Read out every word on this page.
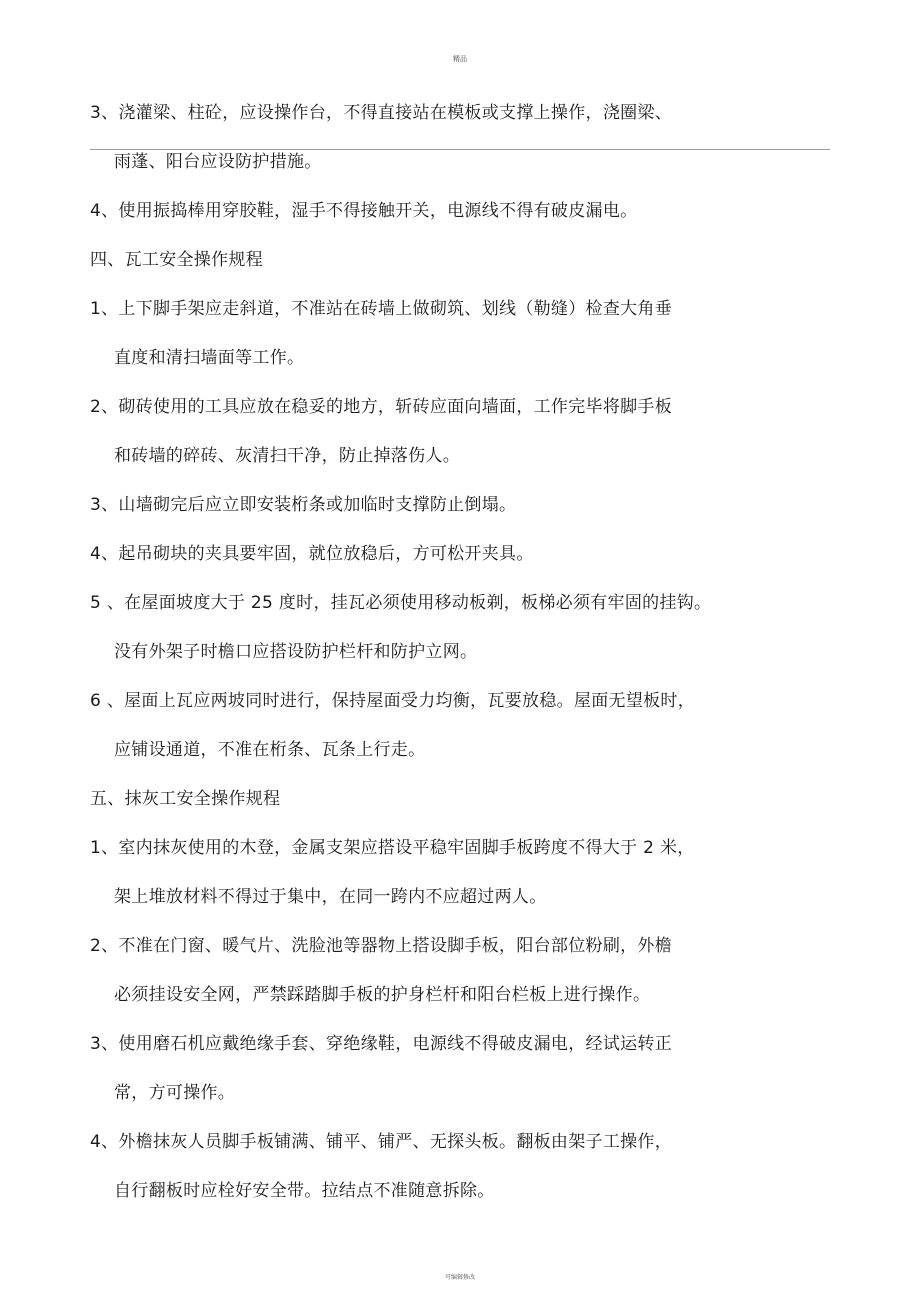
精品
3、浇灌梁、柱砼，应设操作台，不得直接站在模板或支撑上操作，浇圈梁、
雨蓬、阳台应设防护措施。
4、使用振捣棒用穿胶鞋，湿手不得接触开关，电源线不得有破皮漏电。
四、瓦工安全操作规程
1、上下脚手架应走斜道，不准站在砖墙上做砌筑、划线（勒缝）检查大角垂
直度和清扫墙面等工作。
2、砌砖使用的工具应放在稳妥的地方，斩砖应面向墙面，工作完毕将脚手板
和砖墙的碎砖、灰清扫干净，防止掉落伤人。
3、山墙砌完后应立即安装桁条或加临时支撑防止倒塌。
4、起吊砌块的夹具要牢固，就位放稳后，方可松开夹具。
5 、在屋面坡度大于 25 度时，挂瓦必须使用移动板剃，板梯必须有牢固的挂钩。
没有外架子时檐口应搭设防护栏杆和防护立网。
6 、屋面上瓦应两坡同时进行，保持屋面受力均衡，瓦要放稳。屋面无望板时，
应铺设通道，不准在桁条、瓦条上行走。
五、抹灰工安全操作规程
1、室内抹灰使用的木登，金属支架应搭设平稳牢固脚手板跨度不得大于 2 米，
架上堆放材料不得过于集中，在同一跨内不应超过两人。
2、不准在门窗、暖气片、洗脸池等器物上搭设脚手板，阳台部位粉刷，外檐
必须挂设安全网，严禁踩踏脚手板的护身栏杆和阳台栏板上进行操作。
3、使用磨石机应戴绝缘手套、穿绝缘鞋，电源线不得破皮漏电，经试运转正
常，方可操作。
4、外檐抹灰人员脚手板铺满、铺平、铺严、无探头板。翻板由架子工操作，
自行翻板时应栓好安全带。拉结点不准随意拆除。
可编辑修改
